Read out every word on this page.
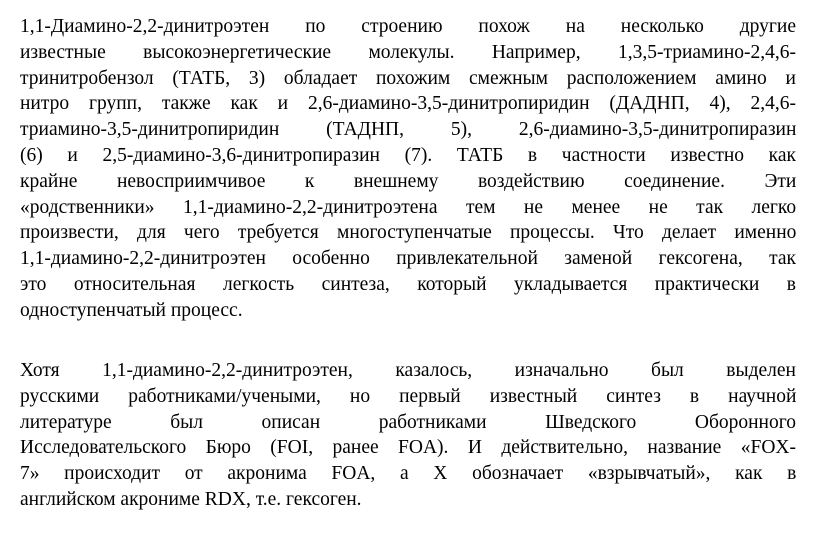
1,1-Диамино-2,2-динитроэтен по строению похож на несколько другие
известные высокоэнергетические молекулы. Например, 1,3,5-триамино-2,4,6-
тринитробензол (ТАТБ, 3) обладает похожим смежным расположением амино и
нитро групп, также как и 2,6-диамино-3,5-динитропиридин (ДАДНП, 4), 2,4,6-
триамино-3,5-динитропиридин (ТАДНП, 5), 2,6-диамино-3,5-динитропиразин
(6) и 2,5-диамино-3,6-динитропиразин (7). ТАТБ в частности известно как
крайне невосприимчивое к внешнему воздействию соединение. Эти
«родственники» 1,1-диамино-2,2-динитроэтена тем не менее не так легко
произвести, для чего требуется многоступенчатые процессы. Что делает именно
1,1-диамино-2,2-динитроэтен особенно привлекательной заменой гексогена, так
это относительная легкость синтеза, который укладывается практически в
одноступенчатый процесс.
Хотя 1,1-диамино-2,2-динитроэтен, казалось, изначально был выделен
русскими работниками/учеными, но первый известный синтез в научной
литературе был описан работниками Шведского Оборонного
Исследовательского Бюро (FOI, ранее FOA). И действительно, название «FOX-
7» происходит от акронима FOA, а Х обозначает «взрывчатый», как в
английском акрониме RDX, т.е. гексоген.
